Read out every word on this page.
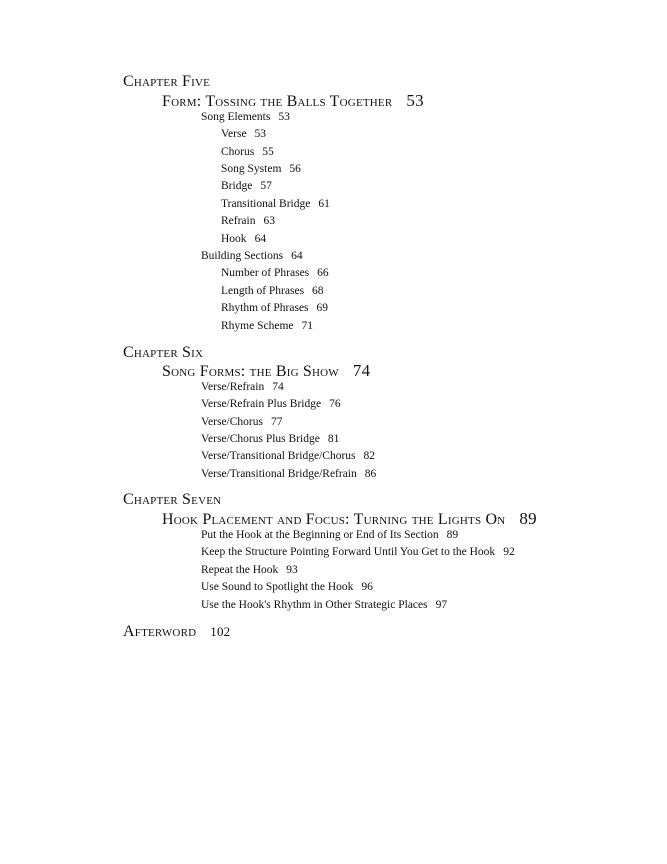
Chapter Five
Form: Tossing the Balls Together 53
Song Elements 53
Verse 53
Chorus 55
Song System 56
Bridge 57
Transitional Bridge 61
Refrain 63
Hook 64
Building Sections 64
Number of Phrases 66
Length of Phrases 68
Rhythm of Phrases 69
Rhyme Scheme 71
Chapter Six
Song Forms: the Big Show 74
Verse/Refrain 74
Verse/Refrain Plus Bridge 76
Verse/Chorus 77
Verse/Chorus Plus Bridge 81
Verse/Transitional Bridge/Chorus 82
Verse/Transitional Bridge/Refrain 86
Chapter Seven
Hook Placement and Focus: Turning the Lights On 89
Put the Hook at the Beginning or End of Its Section 89
Keep the Structure Pointing Forward Until You Get to the Hook 92
Repeat the Hook 93
Use Sound to Spotlight the Hook 96
Use the Hook's Rhythm in Other Strategic Places 97
Afterword 102
